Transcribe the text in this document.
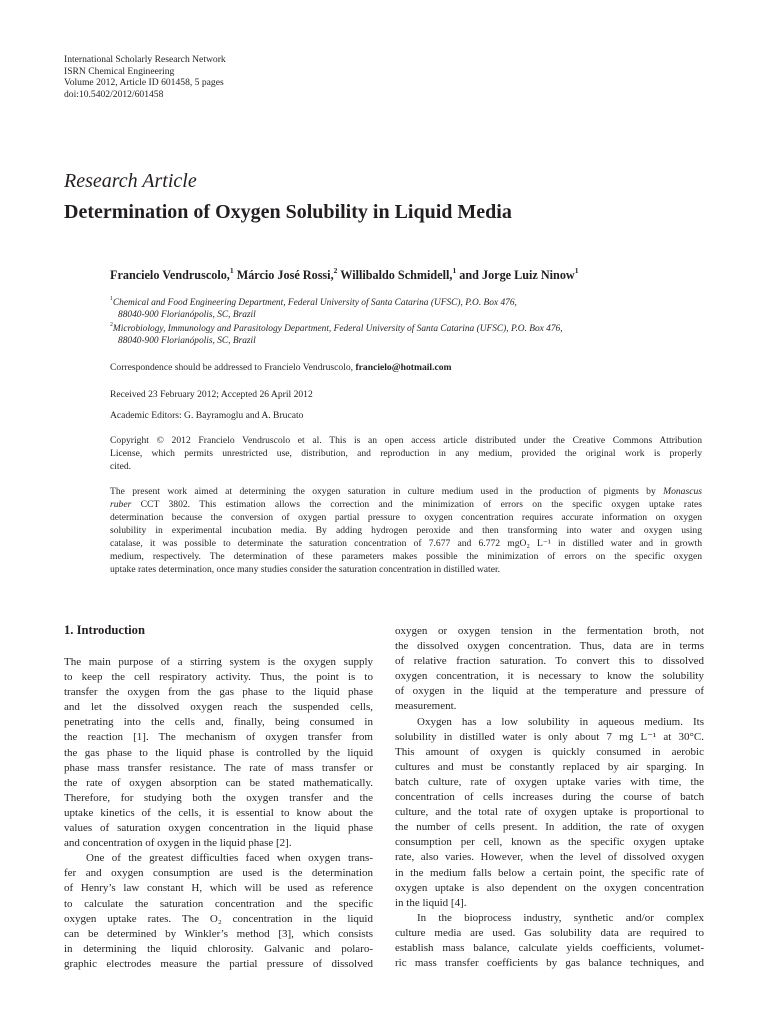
International Scholarly Research Network
ISRN Chemical Engineering
Volume 2012, Article ID 601458, 5 pages
doi:10.5402/2012/601458
Research Article
Determination of Oxygen Solubility in Liquid Media
Francielo Vendruscolo,$^1$ Márcio José Rossi,$^2$ Willibaldo Schmidell,$^1$ and Jorge Luiz Ninow$^1$
$^1$Chemical and Food Engineering Department, Federal University of Santa Catarina (UFSC), P.O. Box 476,
88040-900 Florianópolis, SC, Brazil
$^2$Microbiology, Immunology and Parasitology Department, Federal University of Santa Catarina (UFSC), P.O. Box 476,
88040-900 Florianópolis, SC, Brazil
Correspondence should be addressed to Francielo Vendruscolo, francielo@hotmail.com
Received 23 February 2012; Accepted 26 April 2012
Academic Editors: G. Bayramoglu and A. Brucato
Copyright © 2012 Francielo Vendruscolo et al. This is an open access article distributed under the Creative Commons Attribution
License, which permits unrestricted use, distribution, and reproduction in any medium, provided the original work is properly
cited.
The present work aimed at determining the oxygen saturation in culture medium used in the production of pigments by Monascus
ruber CCT 3802. This estimation allows the correction and the minimization of errors on the specific oxygen uptake rates
determination because the conversion of oxygen partial pressure to oxygen concentration requires accurate information on oxygen
solubility in experimental incubation media. By adding hydrogen peroxide and then transforming into water and oxygen using
catalase, it was possible to determinate the saturation concentration of 7.677 and 6.772 mgO₂ L⁻¹ in distilled water and in growth
medium, respectively. The determination of these parameters makes possible the minimization of errors on the specific oxygen
uptake rates determination, once many studies consider the saturation concentration in distilled water.
1. Introduction
The main purpose of a stirring system is the oxygen supply
to keep the cell respiratory activity. Thus, the point is to
transfer the oxygen from the gas phase to the liquid phase
and let the dissolved oxygen reach the suspended cells,
penetrating into the cells and, finally, being consumed in
the reaction [1]. The mechanism of oxygen transfer from
the gas phase to the liquid phase is controlled by the liquid
phase mass transfer resistance. The rate of mass transfer or
the rate of oxygen absorption can be stated mathematically.
Therefore, for studying both the oxygen transfer and the
uptake kinetics of the cells, it is essential to know about the
values of saturation oxygen concentration in the liquid phase
and concentration of oxygen in the liquid phase [2].
One of the greatest difficulties faced when oxygen trans-
fer and oxygen consumption are used is the determination
of Henry’s law constant H, which will be used as reference
to calculate the saturation concentration and the specific
oxygen uptake rates. The O₂ concentration in the liquid
can be determined by Winkler’s method [3], which consists
in determining the liquid chlorosity. Galvanic and polaro-
graphic electrodes measure the partial pressure of dissolved
oxygen or oxygen tension in the fermentation broth, not
the dissolved oxygen concentration. Thus, data are in terms
of relative fraction saturation. To convert this to dissolved
oxygen concentration, it is necessary to know the solubility
of oxygen in the liquid at the temperature and pressure of
measurement.
Oxygen has a low solubility in aqueous medium. Its
solubility in distilled water is only about 7 mg L⁻¹ at 30°C.
This amount of oxygen is quickly consumed in aerobic
cultures and must be constantly replaced by air sparging. In
batch culture, rate of oxygen uptake varies with time, the
concentration of cells increases during the course of batch
culture, and the total rate of oxygen uptake is proportional to
the number of cells present. In addition, the rate of oxygen
consumption per cell, known as the specific oxygen uptake
rate, also varies. However, when the level of dissolved oxygen
in the medium falls below a certain point, the specific rate of
oxygen uptake is also dependent on the oxygen concentration
in the liquid [4].
In the bioprocess industry, synthetic and/or complex
culture media are used. Gas solubility data are required to
establish mass balance, calculate yields coefficients, volumet-
ric mass transfer coefficients by gas balance techniques, and
